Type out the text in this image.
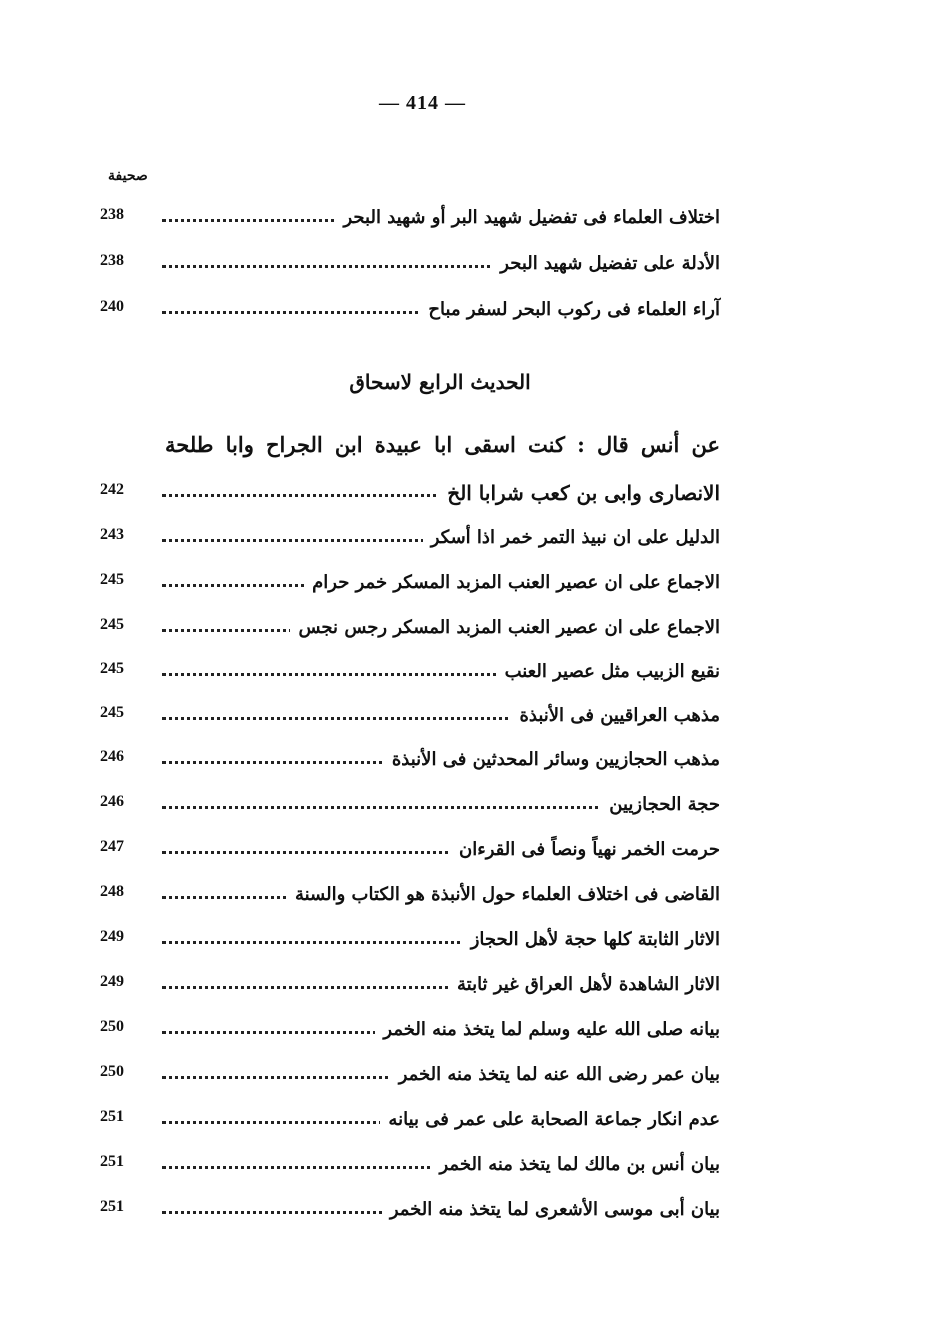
— 414 —
صحيفة
238	اختلاف العلماء فى تفضيل شهيد البر أو شهيد البحر
238	الأدلة على تفضيل شهيد البحر
240	آراء العلماء فى ركوب البحر لسفر مباح
الحديث الرابع لاسحاق
عن أنس قال : كنت اسقى ابا عبيدة ابن الجراح وابا طلحة
242	الانصارى وابى بن كعب شرابا الخ
243	الدليل على ان نبيذ التمر خمر اذا أسكر
245	الاجماع على ان عصير العنب المزبد المسكر خمر حرام
245	الاجماع على ان عصير العنب المزبد المسكر رجس نجس
245	نقيع الزبيب مثل عصير العنب
245	مذهب العراقيين فى الأنبذة
246	مذهب الحجازيين وسائر المحدثين فى الأنبذة
246	حجة الحجازيين
247	حرمت الخمر نهياً ونصاً فى القرءان
248	القاضى فى اختلاف العلماء حول الأنبذة هو الكتاب والسنة
249	الاثار الثابتة كلها حجة لأهل الحجاز
249	الاثار الشاهدة لأهل العراق غير ثابتة
250	بيانه صلى الله عليه وسلم لما يتخذ منه الخمر
250	بيان عمر رضى الله عنه لما يتخذ منه الخمر
251	عدم انكار جماعة الصحابة على عمر فى بيانه
251	بيان أنس بن مالك لما يتخذ منه الخمر
251	بيان أبى موسى الأشعرى لما يتخذ منه الخمر
